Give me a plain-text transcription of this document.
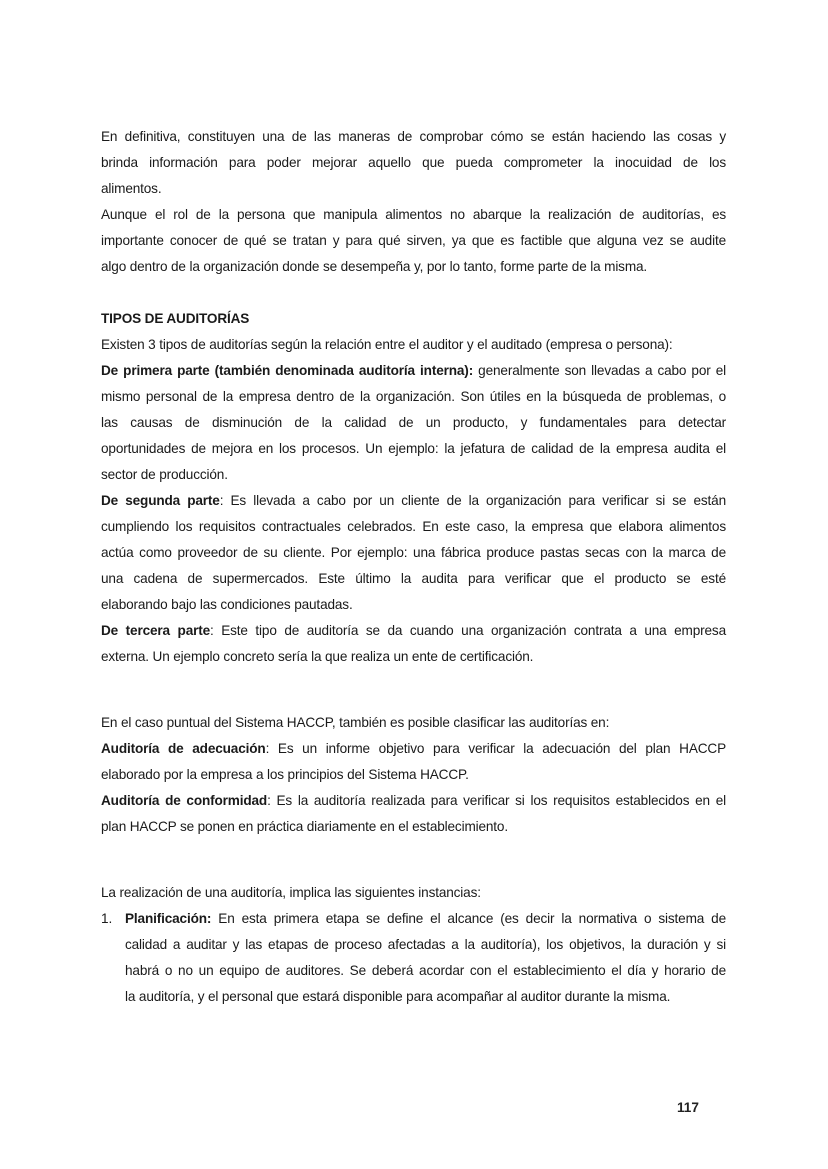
En definitiva, constituyen una de las maneras de comprobar cómo se están haciendo las cosas y
brinda información para poder mejorar aquello que pueda comprometer la inocuidad de los
alimentos.
Aunque el rol de la persona que manipula alimentos no abarque la realización de auditorías, es
importante conocer de qué se tratan y para qué sirven, ya que es factible que alguna vez se audite
algo dentro de la organización donde se desempeña y, por lo tanto, forme parte de la misma.
TIPOS DE AUDITORÍAS
Existen 3 tipos de auditorías según la relación entre el auditor y el auditado (empresa o persona):
De primera parte (también denominada auditoría interna): generalmente son llevadas a cabo por el
mismo personal de la empresa dentro de la organización. Son útiles en la búsqueda de problemas, o
las causas de disminución de la calidad de un producto, y fundamentales para detectar
oportunidades de mejora en los procesos. Un ejemplo: la jefatura de calidad de la empresa audita el
sector de producción.
De segunda parte: Es llevada a cabo por un cliente de la organización para verificar si se están
cumpliendo los requisitos contractuales celebrados. En este caso, la empresa que elabora alimentos
actúa como proveedor de su cliente. Por ejemplo: una fábrica produce pastas secas con la marca de
una cadena de supermercados. Este último la audita para verificar que el producto se esté
elaborando bajo las condiciones pautadas.
De tercera parte: Este tipo de auditoría se da cuando una organización contrata a una empresa
externa. Un ejemplo concreto sería la que realiza un ente de certificación.
En el caso puntual del Sistema HACCP, también es posible clasificar las auditorías en:
Auditoría de adecuación: Es un informe objetivo para verificar la adecuación del plan HACCP
elaborado por la empresa a los principios del Sistema HACCP.
Auditoría de conformidad: Es la auditoría realizada para verificar si los requisitos establecidos en el
plan HACCP se ponen en práctica diariamente en el establecimiento.
La realización de una auditoría, implica las siguientes instancias:
1. Planificación: En esta primera etapa se define el alcance (es decir la normativa o sistema de
calidad a auditar y las etapas de proceso afectadas a la auditoría), los objetivos, la duración y si
habrá o no un equipo de auditores. Se deberá acordar con el establecimiento el día y horario de
la auditoría, y el personal que estará disponible para acompañar al auditor durante la misma.
117
